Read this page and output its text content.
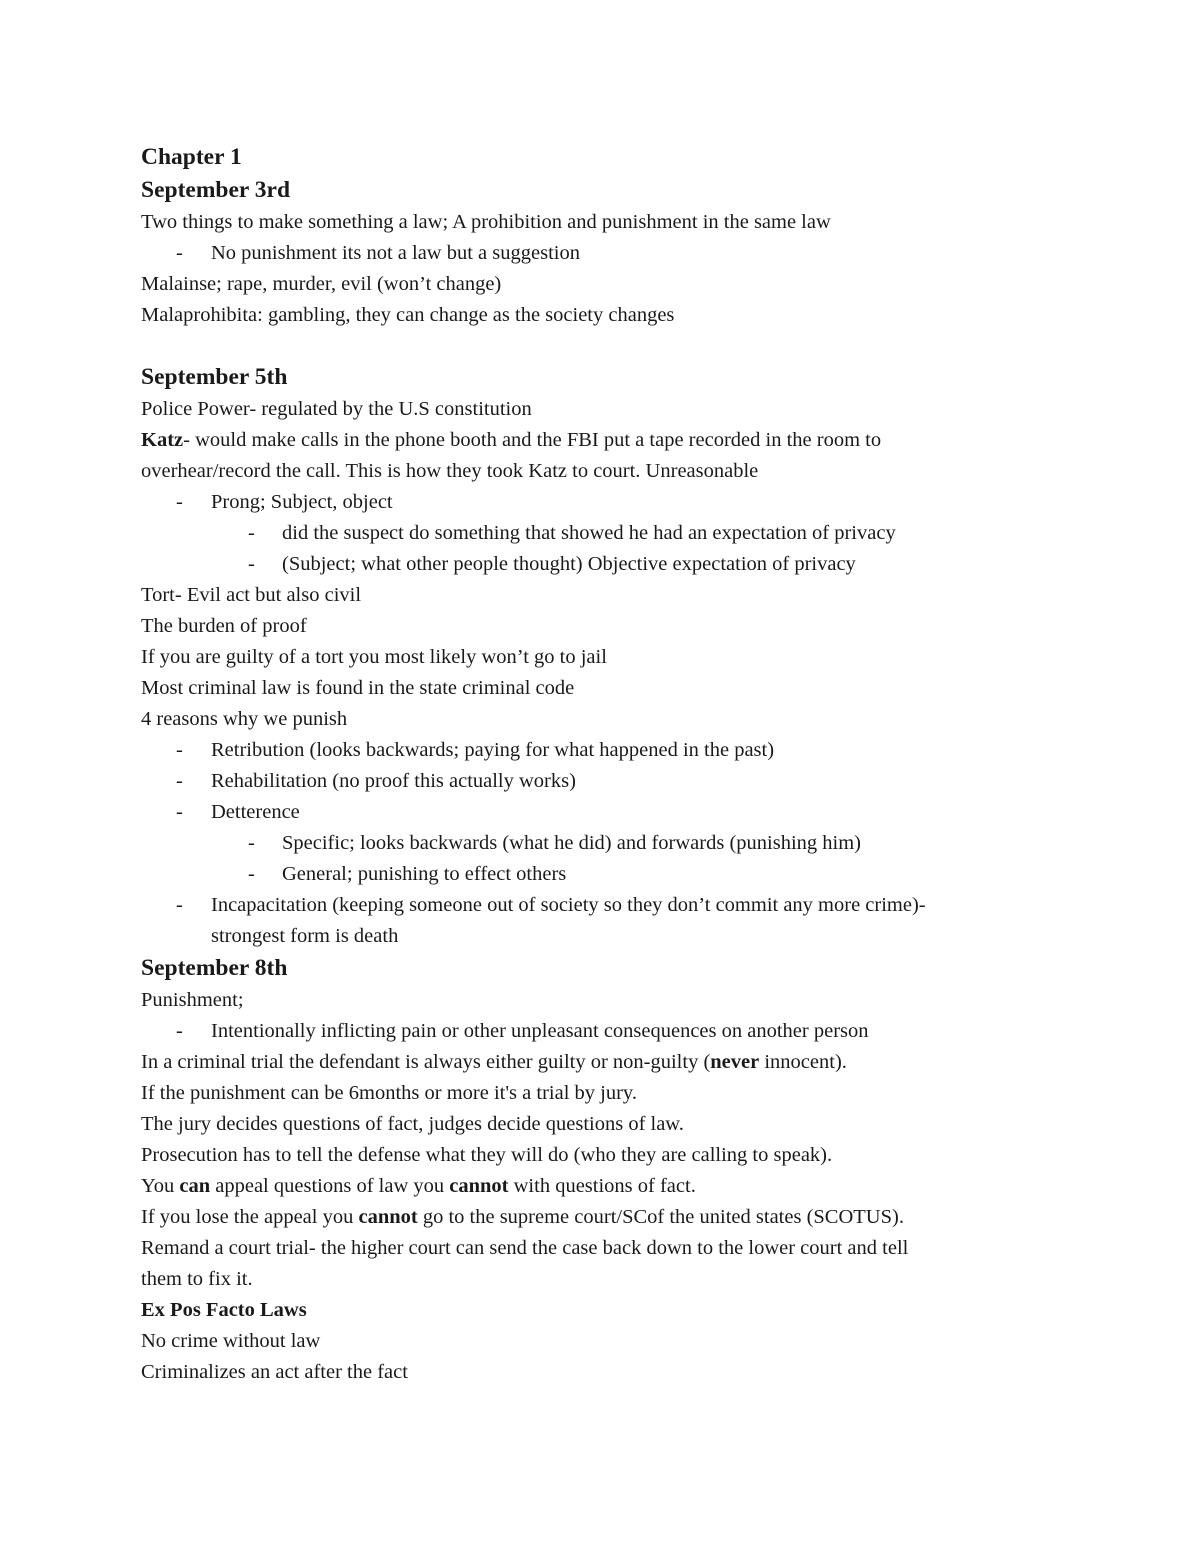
Chapter 1
September 3rd
Two things to make something a law; A prohibition and punishment in the same law
- No punishment its not a law but a suggestion
Malainse; rape, murder, evil (won’t change)
Malaprohibita: gambling, they can change as the society changes
September 5th
Police Power- regulated by the U.S constitution
Katz- would make calls in the phone booth and the FBI put a tape recorded in the room to
overhear/record the call. This is how they took Katz to court. Unreasonable
- Prong; Subject, object
- did the suspect do something that showed he had an expectation of privacy
- (Subject; what other people thought) Objective expectation of privacy
Tort- Evil act but also civil
The burden of proof
If you are guilty of a tort you most likely won’t go to jail
Most criminal law is found in the state criminal code
4 reasons why we punish
- Retribution (looks backwards; paying for what happened in the past)
- Rehabilitation (no proof this actually works)
- Detterence
- Specific; looks backwards (what he did) and forwards (punishing him)
- General; punishing to effect others
- Incapacitation (keeping someone out of society so they don’t commit any more crime)-
strongest form is death
September 8th
Punishment;
- Intentionally inflicting pain or other unpleasant consequences on another person
In a criminal trial the defendant is always either guilty or non-guilty (never innocent).
If the punishment can be 6months or more it's a trial by jury.
The jury decides questions of fact, judges decide questions of law.
Prosecution has to tell the defense what they will do (who they are calling to speak).
You can appeal questions of law you cannot with questions of fact.
If you lose the appeal you cannot go to the supreme court/SCof the united states (SCOTUS).
Remand a court trial- the higher court can send the case back down to the lower court and tell
them to fix it.
Ex Pos Facto Laws
No crime without law
Criminalizes an act after the fact
